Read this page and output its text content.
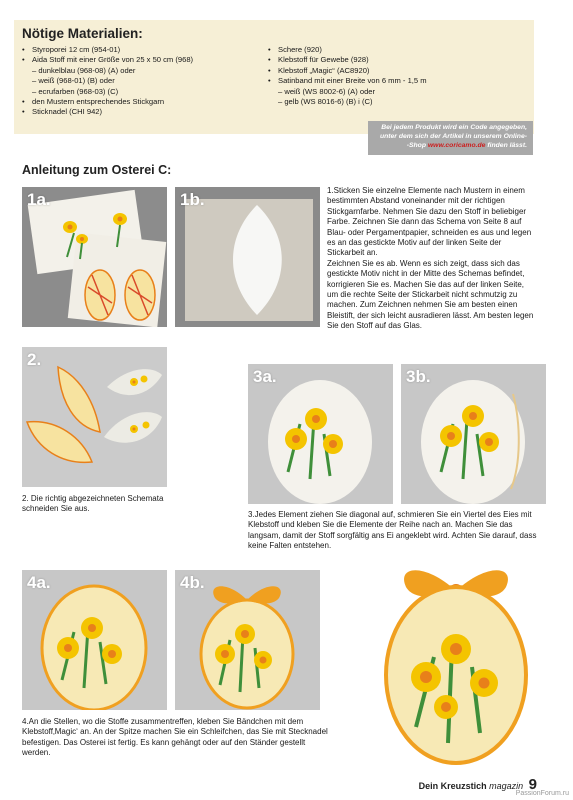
Nötige Materialien:
• Styroporei 12 cm (954-01)
• Aida Stoff mit einer Größe von 25 x 50 cm (968)
– dunkelblau (968-08) (A) oder
– weiß (968-01) (B) oder
– ecrufarben (968-03) (C)
• den Mustern entsprechendes Stickgarn
• Sticknadel (CHI 942)
• Schere (920)
• Klebstoff für Gewebe (928)
• Klebstoff „Magic“ (AC8920)
• Satinband mit einer Breite von 6 mm - 1,5 m
– weiß (WS 8002-6) (A) oder
– gelb (WS 8016-6) (B) i (C)
Bei jedem Produkt wird ein Code angegeben,
unter dem sich der Artikel in unserem Online-
-Shop www.coricamo.de finden lässt.
Anleitung zum Osterei C:
1a.	1b.	1.Sticken Sie einzelne Elemente nach Mustern in einem bestimmten Abstand voneinander mit der richtigen Stickgarnfarbe. Nehmen Sie dazu den Stoff in beliebiger Farbe. Zeichnen Sie dann das Schema von Seite 8 auf Blau- oder Pergamentpapier, schneiden es aus und legen es an das gestickte Motiv auf der linken Seite der Stickarbeit an.

Zeichnen Sie es ab. Wenn es sich zeigt, dass sich das gestickte Motiv nicht in der Mitte des Schemas befindet, korrigieren Sie es. Machen Sie das auf der linken Seite, um die rechte Seite der Stickarbeit nicht schmutzig zu machen. Zum Zeichnen nehmen Sie am besten einen Bleistift, der sich leicht ausradieren lässt. Am besten legen Sie den Stoff auf das Glas.

2.
2. Die richtig abgezeichneten Schemata schneiden Sie aus.
3a.	3b.
3.Jedes Element ziehen Sie diagonal auf, schmieren Sie ein Viertel des Eies mit Klebstoff und kleben Sie die Elemente der Reihe nach an. Machen Sie das langsam, damit der Stoff sorgfältig ans Ei angeklebt wird. Achten Sie darauf, dass keine Falten entstehen.
4a.	4b.
4.An die Stellen, wo die Stoffe zusammentreffen, kleben Sie Bändchen mit dem Klebstoff‚Magic‘ an. An der Spitze machen Sie ein Schleifchen, das Sie mit Stecknadel befestigen. Das Osterei ist fertig. Es kann gehängt oder auf den Ständer gestellt werden.
Dein Kreuzstich magazin 9
PassionForum.ru
